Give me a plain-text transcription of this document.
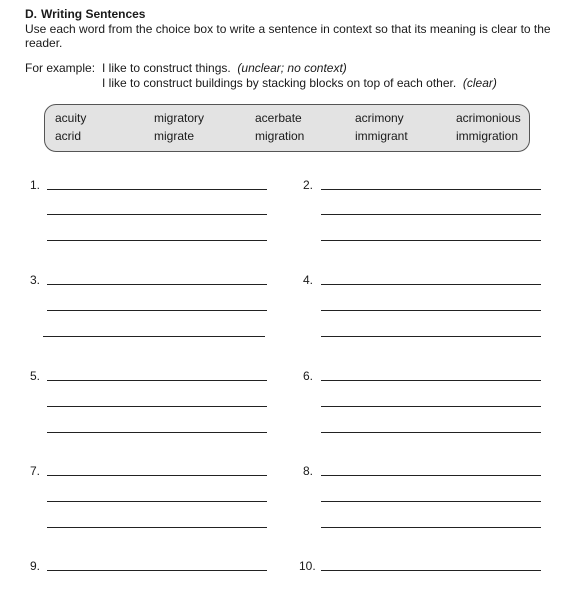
D. Writing Sentences
Use each word from the choice box to write a sentence in context so that its meaning is clear to the reader.
For example: I like to construct things. (unclear; no context)
I like to construct buildings by stacking blocks on top of each other. (clear)
acuity	migratory	acerbate	acrimony	acrimonious
acrid	migrate	migration	immigrant	immigration
1.	2.
3.	4.
5.	6.
7.	8.
9.	10.
